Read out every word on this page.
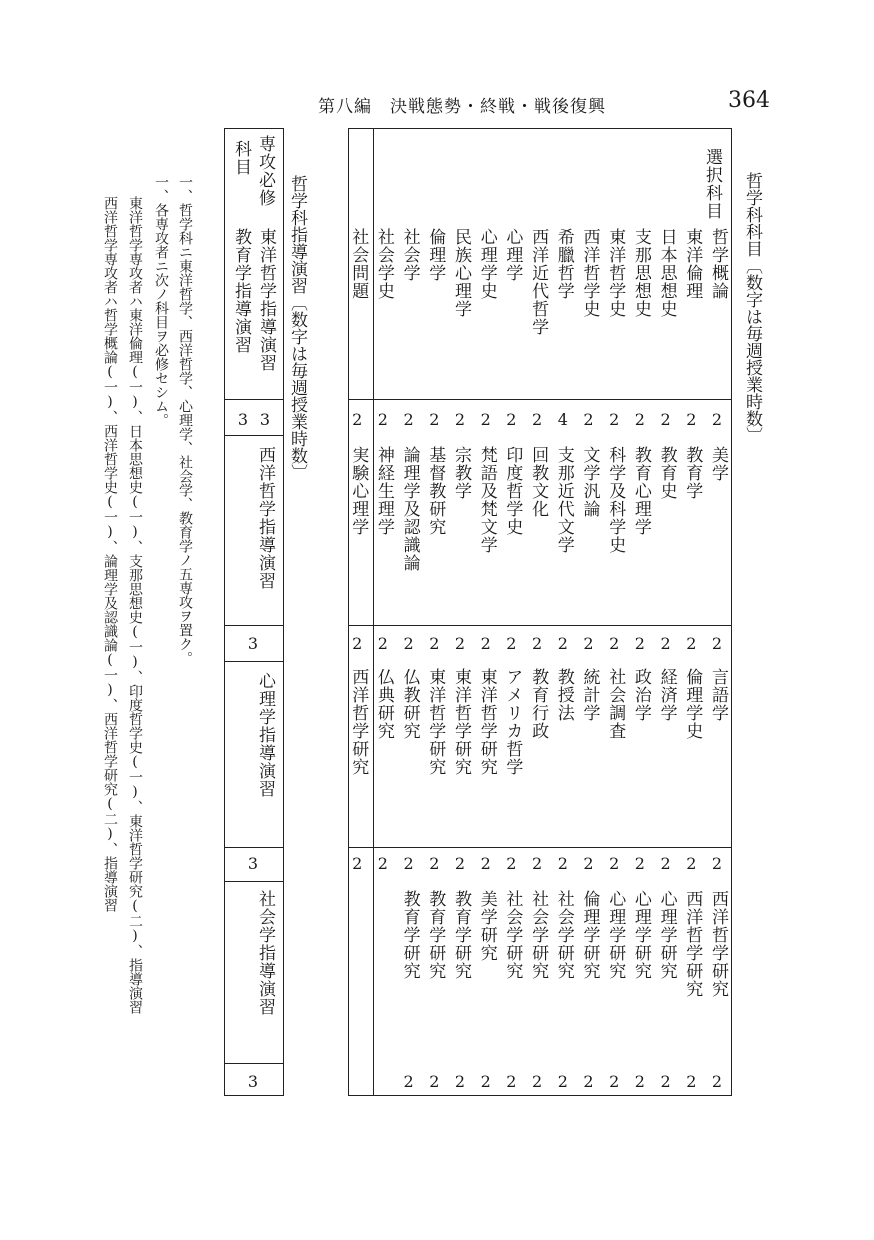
第八編　決戦態勢・終戦・戦後復興	364
哲学科科目〔数字は毎週授業時数〕
選択科目
哲学概論
東洋倫理
日本思想史
支那思想史
東洋哲学史
西洋哲学史
希臘哲学
西洋近代哲学
心理学
心理学史
民族心理学
倫理学
社会学
社会学史
社会問題
2
2
2
2
2
2
4
2
2
2
2
2
2
2
2
美学
教育学
教育史
教育心理学
科学及科学史
文学汎論
支那近代文学
回教文化
印度哲学史
梵語及梵文学
宗教学
基督教研究
論理学及認識論
神経生理学
実験心理学
2
2
2
2
2
2
2
2
2
2
2
2
2
2
2
言語学
倫理学史
経済学
政治学
社会調査
統計学
教授法
教育行政
アメリカ哲学
東洋哲学研究
東洋哲学研究
東洋哲学研究
仏教研究
仏典研究
西洋哲学研究
2
2
2
2
2
2
2
2
2
2
2
2
2
2
2
西洋哲学研究
西洋哲学研究
心理学研究
心理学研究
心理学研究
倫理学研究
社会学研究
社会学研究
社会学研究
美学研究
教育学研究
教育学研究
教育学研究
2
2
2
2
2
2
2
2
2
2
2
2
2
哲学科指導演習〔数字は毎週授業時数〕
専攻必修
科目
東洋哲学指導演習
教育学指導演習
3
3
西洋哲学指導演習
3
心理学指導演習
3
社会学指導演習
3
一、哲学科ニ東洋哲学、西洋哲学、心理学、社会学、教育学ノ五専攻ヲ置ク。
一、各専攻者ニ次ノ科目ヲ必修セシム。
東洋哲学専攻者ハ東洋倫理(一)、日本思想史(一)、支那思想史(一)、印度哲学史(一)、東洋哲学研究(二)、指導演習
西洋哲学専攻者ハ哲学概論(一)、西洋哲学史(一)、論理学及認識論(一)、西洋哲学研究(二)、指導演習
